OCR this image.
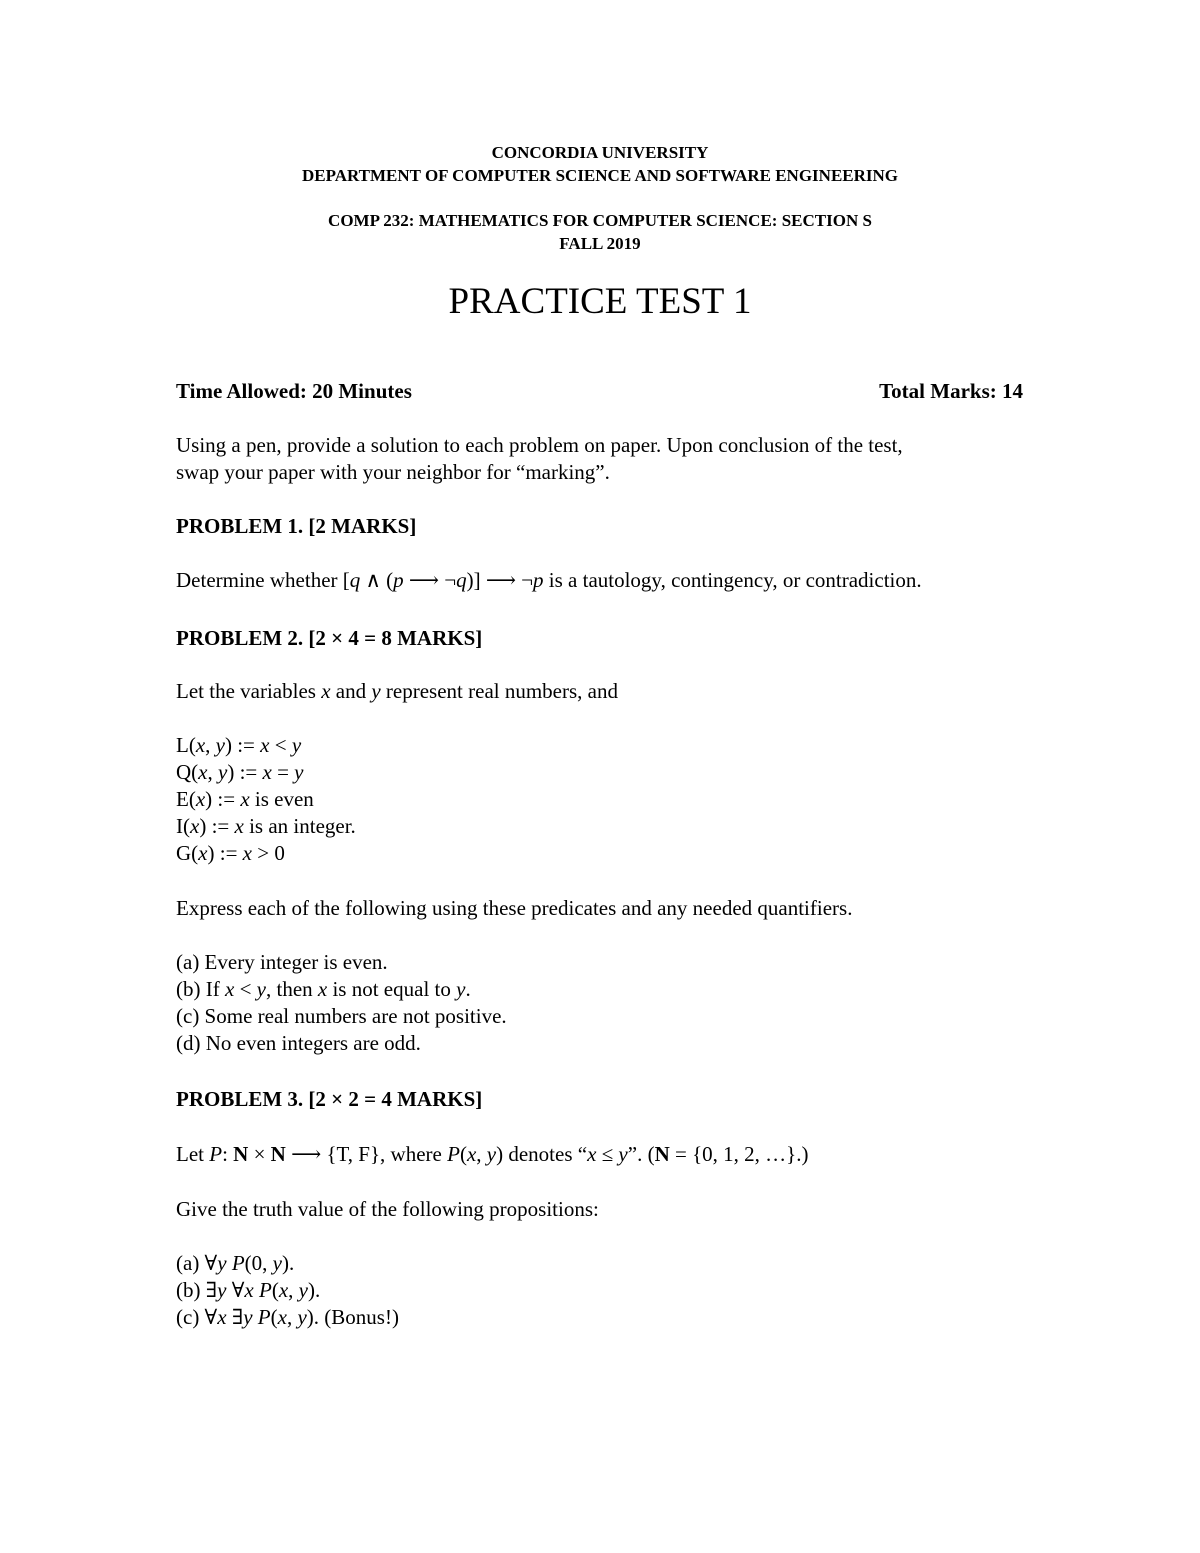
CONCORDIA UNIVERSITY
DEPARTMENT OF COMPUTER SCIENCE AND SOFTWARE ENGINEERING
COMP 232: MATHEMATICS FOR COMPUTER SCIENCE: SECTION S
FALL 2019
PRACTICE TEST 1
Time Allowed: 20 Minutes	Total Marks: 14
Using a pen, provide a solution to each problem on paper. Upon conclusion of the test,
swap your paper with your neighbor for “marking”.
PROBLEM 1. [2 MARKS]
Determine whether [q ∧ (p ⟶ ¬q)] ⟶ ¬p is a tautology, contingency, or contradiction.
PROBLEM 2. [2 × 4 = 8 MARKS]
Let the variables x and y represent real numbers, and
L(x, y) := x < y
Q(x, y) := x = y
E(x) := x is even
I(x) := x is an integer.
G(x) := x > 0
Express each of the following using these predicates and any needed quantifiers.
(a) Every integer is even.
(b) If x < y, then x is not equal to y.
(c) Some real numbers are not positive.
(d) No even integers are odd.
PROBLEM 3. [2 × 2 = 4 MARKS]
Let P: N × N ⟶ {T, F}, where P(x, y) denotes “x ≤ y”. (N = {0, 1, 2, …}.)
Give the truth value of the following propositions:
(a) ∀y P(0, y).
(b) ∃y ∀x P(x, y).
(c) ∀x ∃y P(x, y). (Bonus!)
